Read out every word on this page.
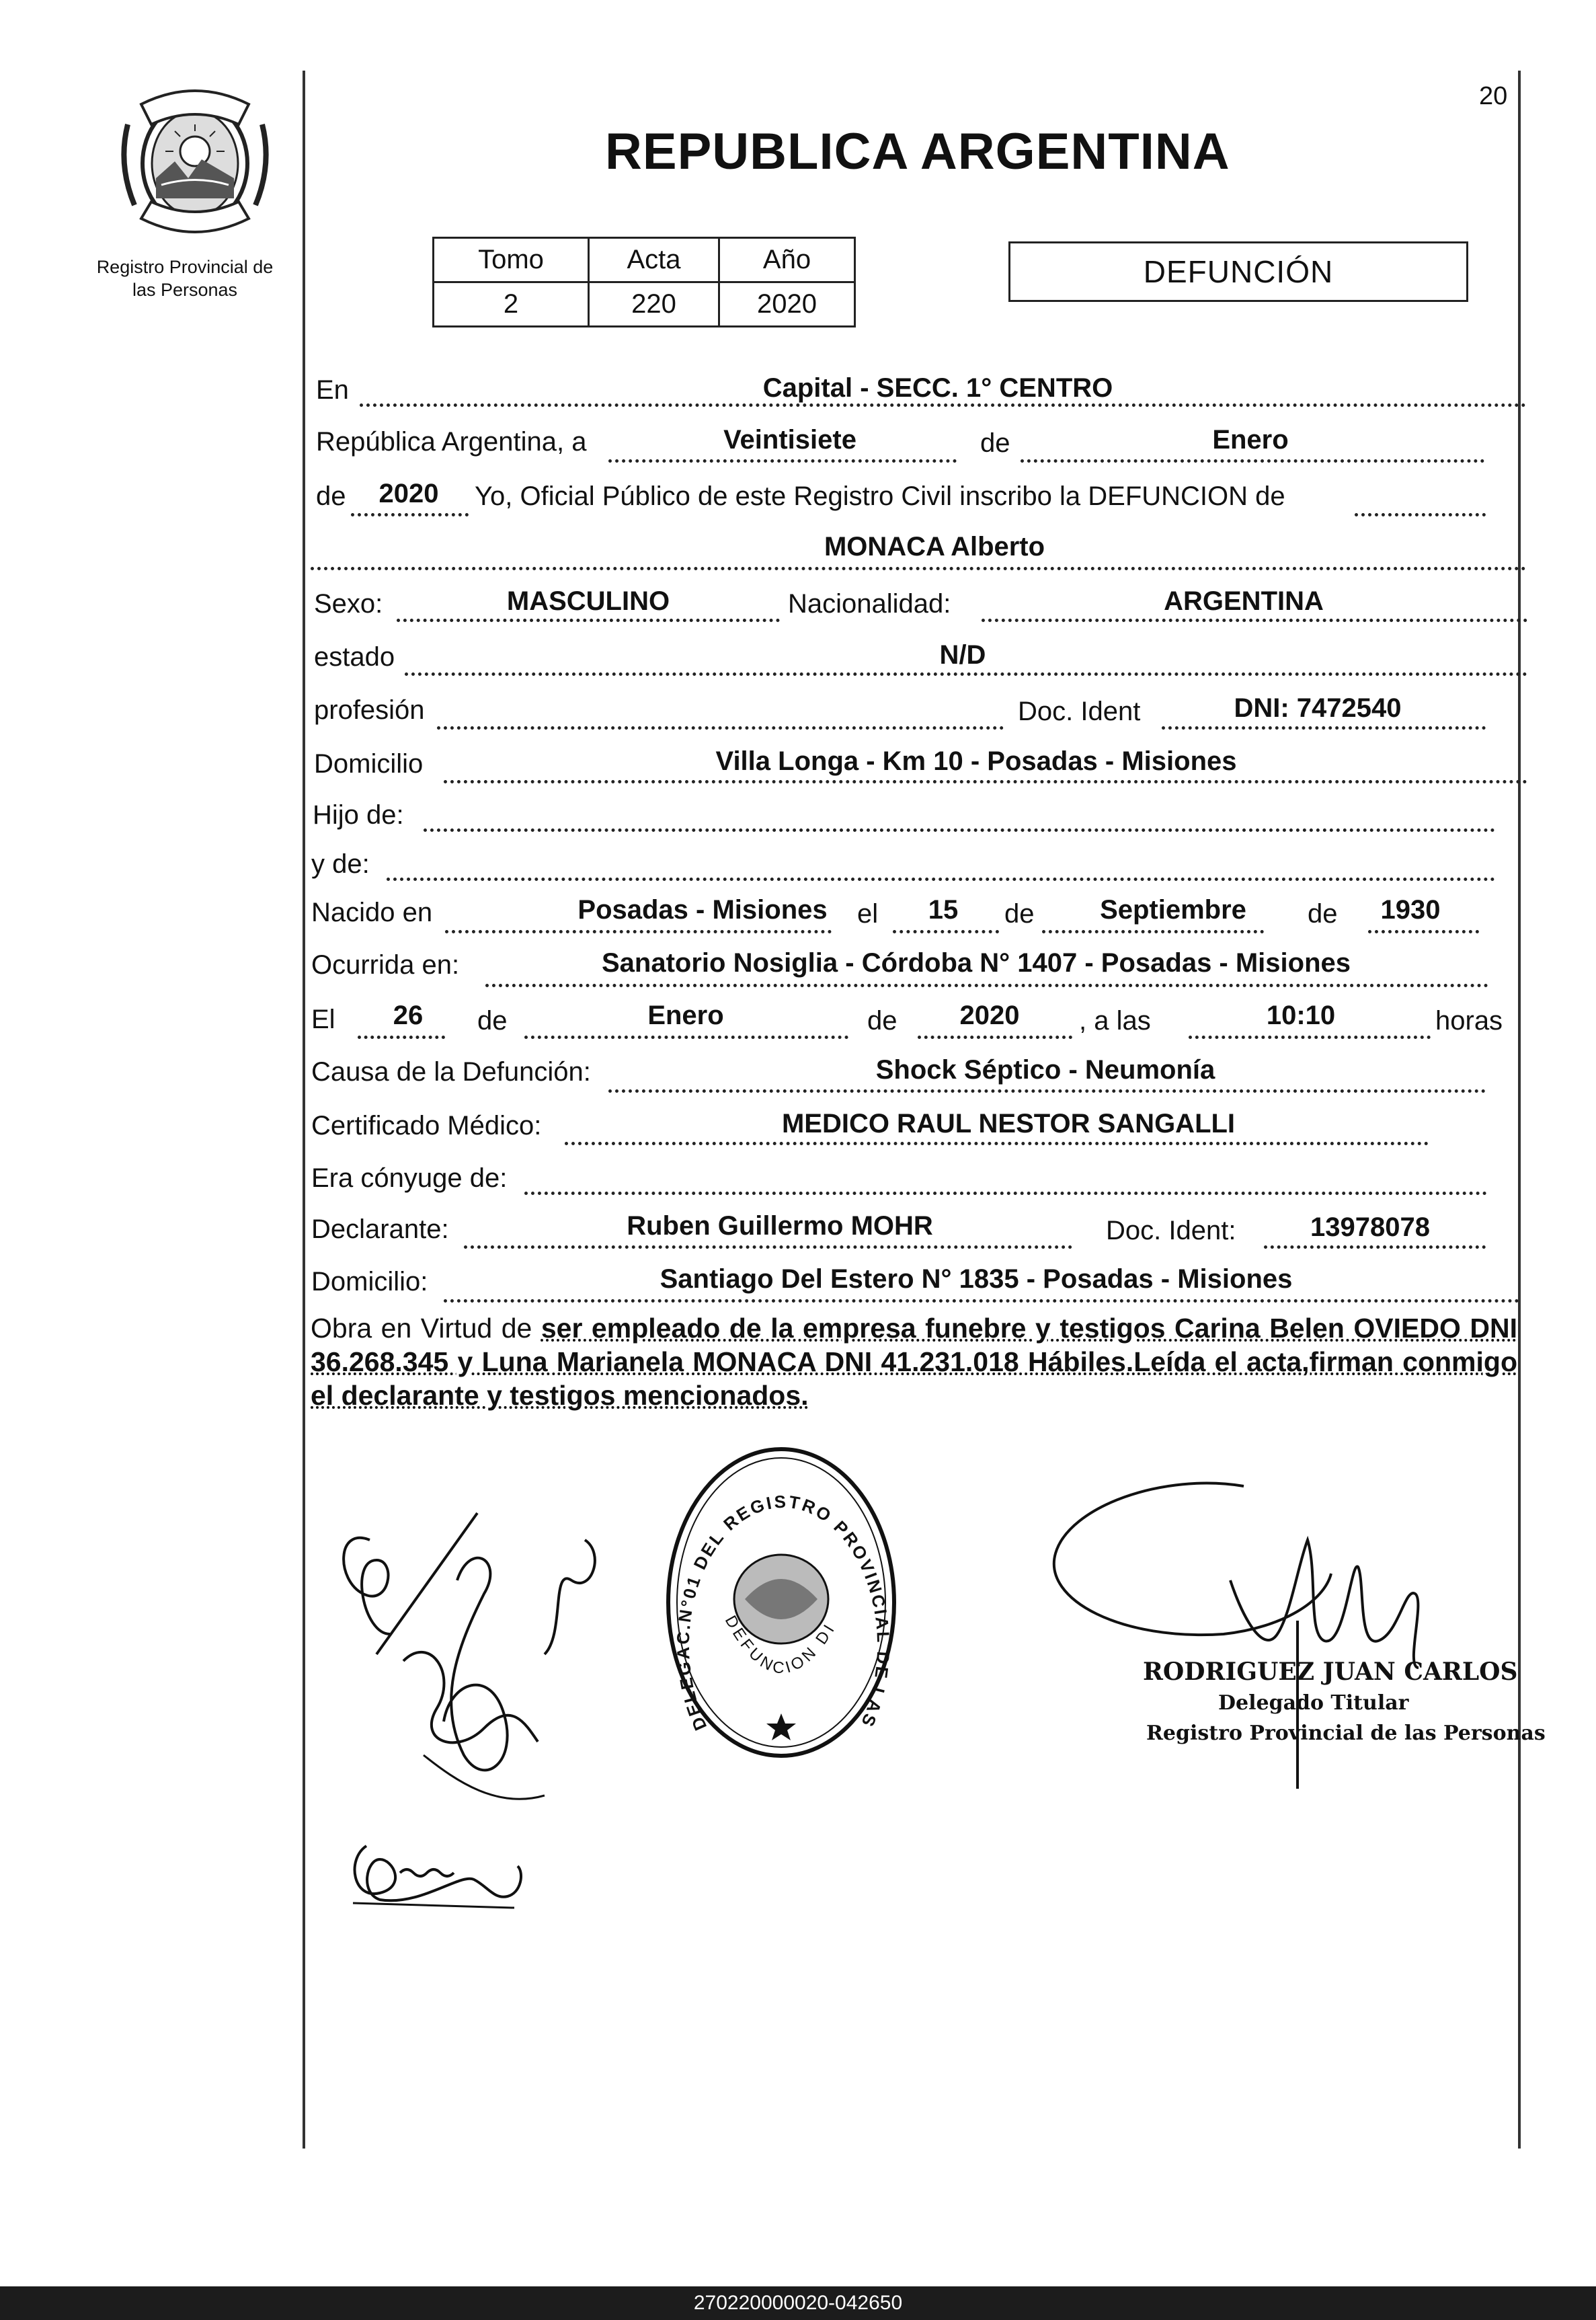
Registro Provincial de
las Personas
20
REPUBLICA ARGENTINA
Tomo	Acta	Año
2	220	2020
DEFUNCIÓN
En	Capital - SECC. 1° CENTRO
República Argentina, a	Veintisiete	de	Enero
de 2020 Yo, Oficial Público de este Registro Civil inscribo la DEFUNCION de
MONACA Alberto
Sexo:	MASCULINO	Nacionalidad:	ARGENTINA
estado	N/D
profesión	Doc. Ident	DNI: 7472540
Domicilio	Villa Longa - Km 10 - Posadas - Misiones
Hijo de:
y de:
Nacido en	Posadas - Misiones el 15 de Septiembre de 1930
Ocurrida en:	Sanatorio Nosiglia - Córdoba N° 1407 - Posadas - Misiones
El 26 de	Enero	de 2020 , a las	10:10	horas
Causa de la Defunción:	Shock Séptico - Neumonía
Certificado Médico:	MEDICO RAUL NESTOR SANGALLI
Era cónyuge de:
Declarante:	Ruben Guillermo MOHR	Doc. Ident:	13978078
Domicilio:	Santiago Del Estero N° 1835 - Posadas - Misiones
Obra en Virtud de ser empleado de la empresa funebre y testigos Carina Belen OVIEDO DNI 36.268.345 y Luna Marianela MONACA DNI 41.231.018 Hábiles.Leída el acta,firman conmigo el declarante y testigos mencionados.
DELEGAC.N°01 DEL REGISTRO PROVINCIAL DE LAS
DEFUNCION DI
RODRIGUEZ JUAN CARLOS
Delegado Titular
Registro Provincial de las Personas
270220000020-042650
